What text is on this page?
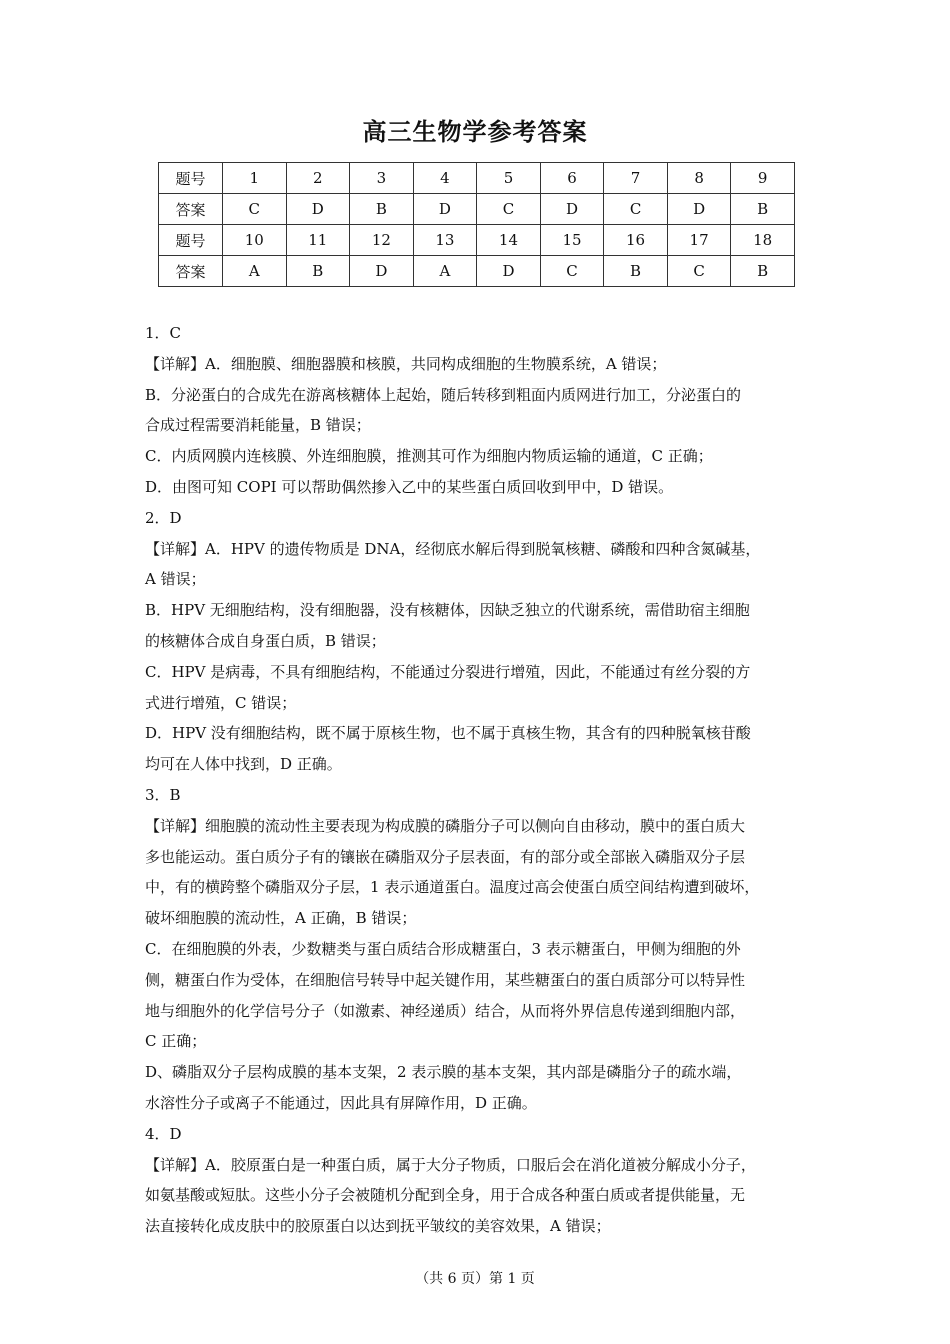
高三生物学参考答案
题号	1	2	3	4	5	6	7	8	9
答案	C	D	B	D	C	D	C	D	B
题号	10	11	12	13	14	15	16	17	18
答案	A	B	D	A	D	C	B	C	B

1．C

【详解】A．细胞膜、细胞器膜和核膜，共同构成细胞的生物膜系统，A 错误；

B．分泌蛋白的合成先在游离核糖体上起始，随后转移到粗面内质网进行加工，分泌蛋白的

合成过程需要消耗能量，B 错误；

C．内质网膜内连核膜、外连细胞膜，推测其可作为细胞内物质运输的通道，C 正确；

D．由图可知 COPI 可以帮助偶然掺入乙中的某些蛋白质回收到甲中，D 错误。

2．D

【详解】A．HPV 的遗传物质是 DNA，经彻底水解后得到脱氧核糖、磷酸和四种含氮碱基，

A 错误；

B．HPV 无细胞结构，没有细胞器，没有核糖体，因缺乏独立的代谢系统，需借助宿主细胞

的核糖体合成自身蛋白质，B 错误；

C．HPV 是病毒，不具有细胞结构，不能通过分裂进行增殖，因此，不能通过有丝分裂的方

式进行增殖，C 错误；

D．HPV 没有细胞结构，既不属于原核生物，也不属于真核生物，其含有的四种脱氧核苷酸

均可在人体中找到，D 正确。

3．B

【详解】细胞膜的流动性主要表现为构成膜的磷脂分子可以侧向自由移动，膜中的蛋白质大

多也能运动。蛋白质分子有的镶嵌在磷脂双分子层表面，有的部分或全部嵌入磷脂双分子层

中，有的横跨整个磷脂双分子层，1 表示通道蛋白。温度过高会使蛋白质空间结构遭到破坏，

破坏细胞膜的流动性，A 正确，B 错误；

C．在细胞膜的外表，少数糖类与蛋白质结合形成糖蛋白，3 表示糖蛋白，甲侧为细胞的外

侧，糖蛋白作为受体，在细胞信号转导中起关键作用，某些糖蛋白的蛋白质部分可以特异性

地与细胞外的化学信号分子（如激素、神经递质）结合，从而将外界信息传递到细胞内部，

C 正确；

D、磷脂双分子层构成膜的基本支架，2 表示膜的基本支架，其内部是磷脂分子的疏水端，

水溶性分子或离子不能通过，因此具有屏障作用，D 正确。

4．D

【详解】A．胶原蛋白是一种蛋白质，属于大分子物质，口服后会在消化道被分解成小分子，

如氨基酸或短肽。这些小分子会被随机分配到全身，用于合成各种蛋白质或者提供能量，无

法直接转化成皮肤中的胶原蛋白以达到抚平皱纹的美容效果，A 错误；

（共 6 页）第 1 页
